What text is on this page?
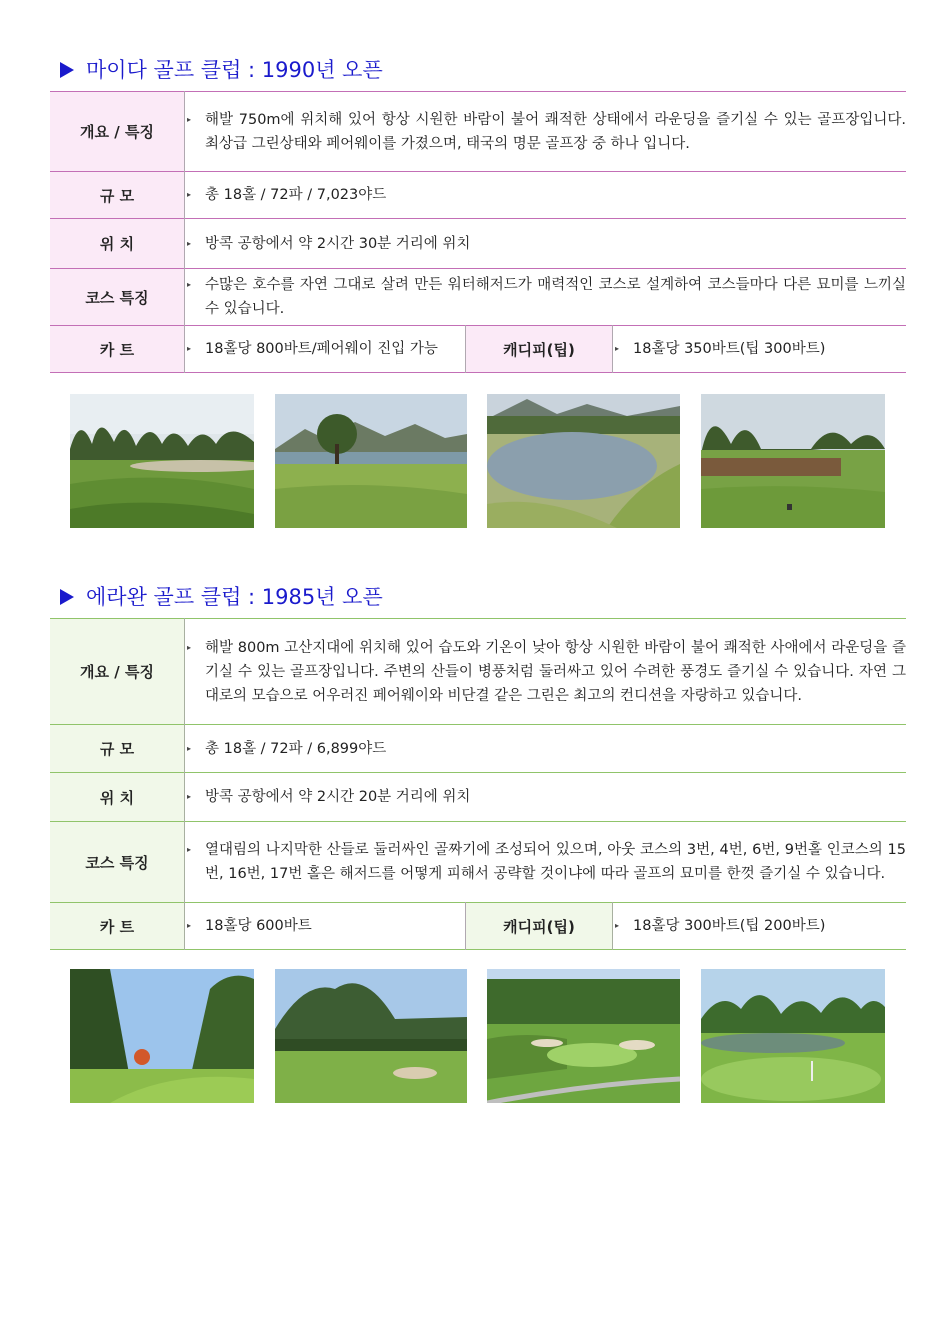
마이다 골프 클럽 : 1990년 오픈
개요 / 특징	▸ 해발 750m에 위치해 있어 항상 시원한 바람이 불어 쾌적한 상태에서 라운딩을 즐기실 수 있는 골프장입니다. 최상급 그린상태와 페어웨이를 가졌으며, 태국의 명문 골프장 중 하나 입니다.		

규 모	▸ 총 18홀 / 72파 / 7,023야드		

위 치	▸ 방콕 공항에서 약 2시간 30분 거리에 위치		

코스 특징	▸ 수많은 호수를 자연 그대로 살려 만든 워터해저드가 매력적인 코스로 설계하여 코스들마다 다른 묘미를 느끼실 수 있습니다.		

카 트	▸ 18홀당 800바트/페어웨이 진입 가능	캐디피(팁)	▸ 18홀당 350바트(팁 300바트)
에라완 골프 클럽 : 1985년 오픈
개요 / 특징	▸ 해발 800m 고산지대에 위치해 있어 습도와 기온이 낮아 항상 시원한 바람이 불어 쾌적한 사애에서 라운딩을 즐기실 수 있는 골프장입니다. 주변의 산들이 병풍처럼 둘러싸고 있어 수려한 풍경도 즐기실 수 있습니다. 자연 그대로의 모습으로 어우러진 페어웨이와 비단결 같은 그린은 최고의 컨디션을 자랑하고 있습니다.		

규 모	▸ 총 18홀 / 72파 / 6,899야드		

위 치	▸ 방콕 공항에서 약 2시간 20분 거리에 위치		

코스 특징	▸ 열대림의 나지막한 산들로 둘러싸인 골짜기에 조성되어 있으며, 아웃 코스의 3번, 4번, 6번, 9번홀 인코스의 15번, 16번, 17번 홀은 해저드를 어떻게 피해서 공략할 것이냐에 따라 골프의 묘미를 한껏 즐기실 수 있습니다.		

카 트	▸ 18홀당 600바트	캐디피(팁)	▸ 18홀당 300바트(팁 200바트)
